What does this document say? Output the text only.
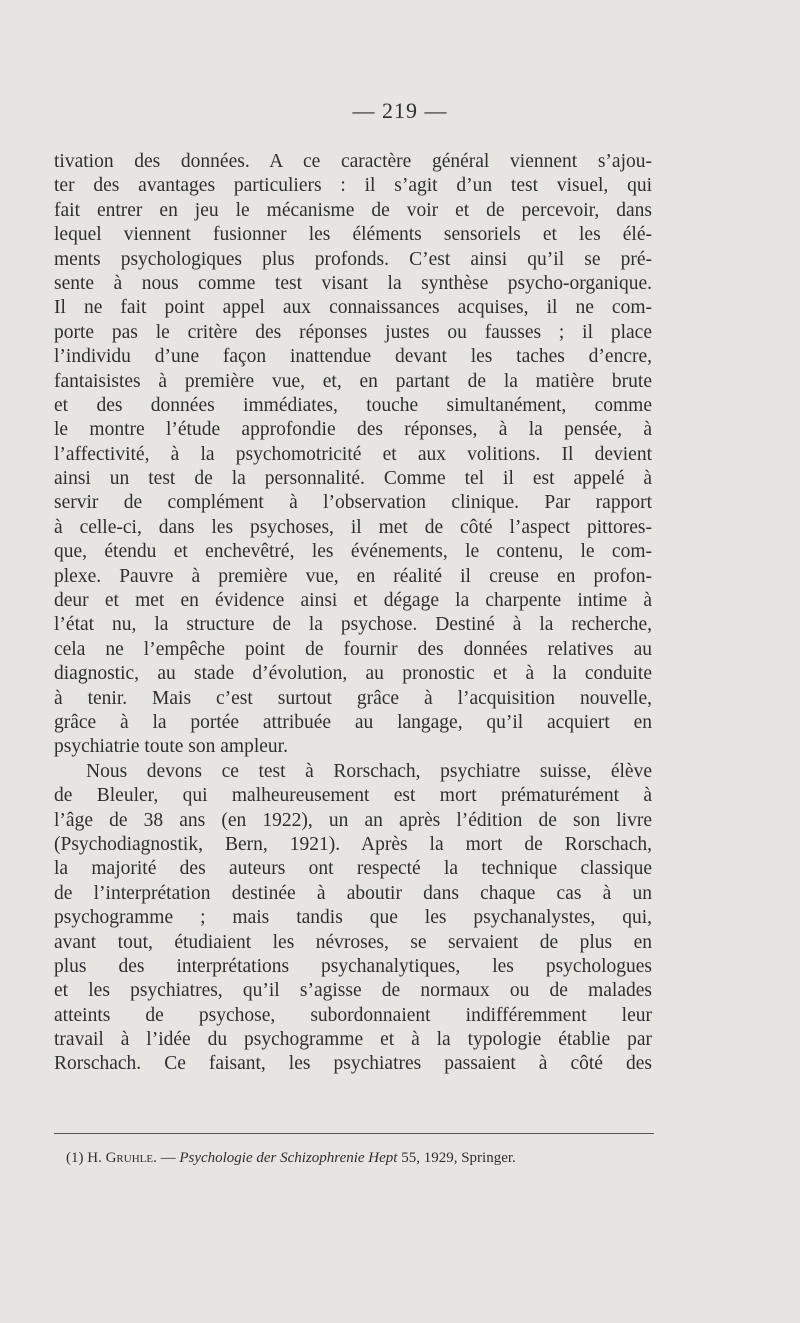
— 219 —
tivation des données. A ce caractère général viennent s’ajou-
ter des avantages particuliers : il s’agit d’un test visuel, qui
fait entrer en jeu le mécanisme de voir et de percevoir, dans
lequel viennent fusionner les éléments sensoriels et les élé-
ments psychologiques plus profonds. C’est ainsi qu’il se pré-
sente à nous comme test visant la synthèse psycho-organique.
Il ne fait point appel aux connaissances acquises, il ne com-
porte pas le critère des réponses justes ou fausses ; il place
l’individu d’une façon inattendue devant les taches d’encre,
fantaisistes à première vue, et, en partant de la matière brute
et des données immédiates, touche simultanément, comme
le montre l’étude approfondie des réponses, à la pensée, à
l’affectivité, à la psychomotricité et aux volitions. Il devient
ainsi un test de la personnalité. Comme tel il est appelé à
servir de complément à l’observation clinique. Par rapport
à celle-ci, dans les psychoses, il met de côté l’aspect pittores-
que, étendu et enchevêtré, les événements, le contenu, le com-
plexe. Pauvre à première vue, en réalité il creuse en profon-
deur et met en évidence ainsi et dégage la charpente intime à
l’état nu, la structure de la psychose. Destiné à la recherche,
cela ne l’empêche point de fournir des données relatives au
diagnostic, au stade d’évolution, au pronostic et à la conduite
à tenir. Mais c’est surtout grâce à l’acquisition nouvelle,
grâce à la portée attribuée au langage, qu’il acquiert en
psychiatrie toute son ampleur.
Nous devons ce test à Rorschach, psychiatre suisse, élève
de Bleuler, qui malheureusement est mort prématurément à
l’âge de 38 ans (en 1922), un an après l’édition de son livre
(Psychodiagnostik, Bern, 1921). Après la mort de Rorschach,
la majorité des auteurs ont respecté la technique classique
de l’interprétation destinée à aboutir dans chaque cas à un
psychogramme ; mais tandis que les psychanalystes, qui,
avant tout, étudiaient les névroses, se servaient de plus en
plus des interprétations psychanalytiques, les psychologues
et les psychiatres, qu’il s’agisse de normaux ou de malades
atteints de psychose, subordonnaient indifféremment leur
travail à l’idée du psychogramme et à la typologie établie par
Rorschach. Ce faisant, les psychiatres passaient à côté des
(1) H. Gruhle. — Psychologie der Schizophrenie Hept 55, 1929, Springer.
